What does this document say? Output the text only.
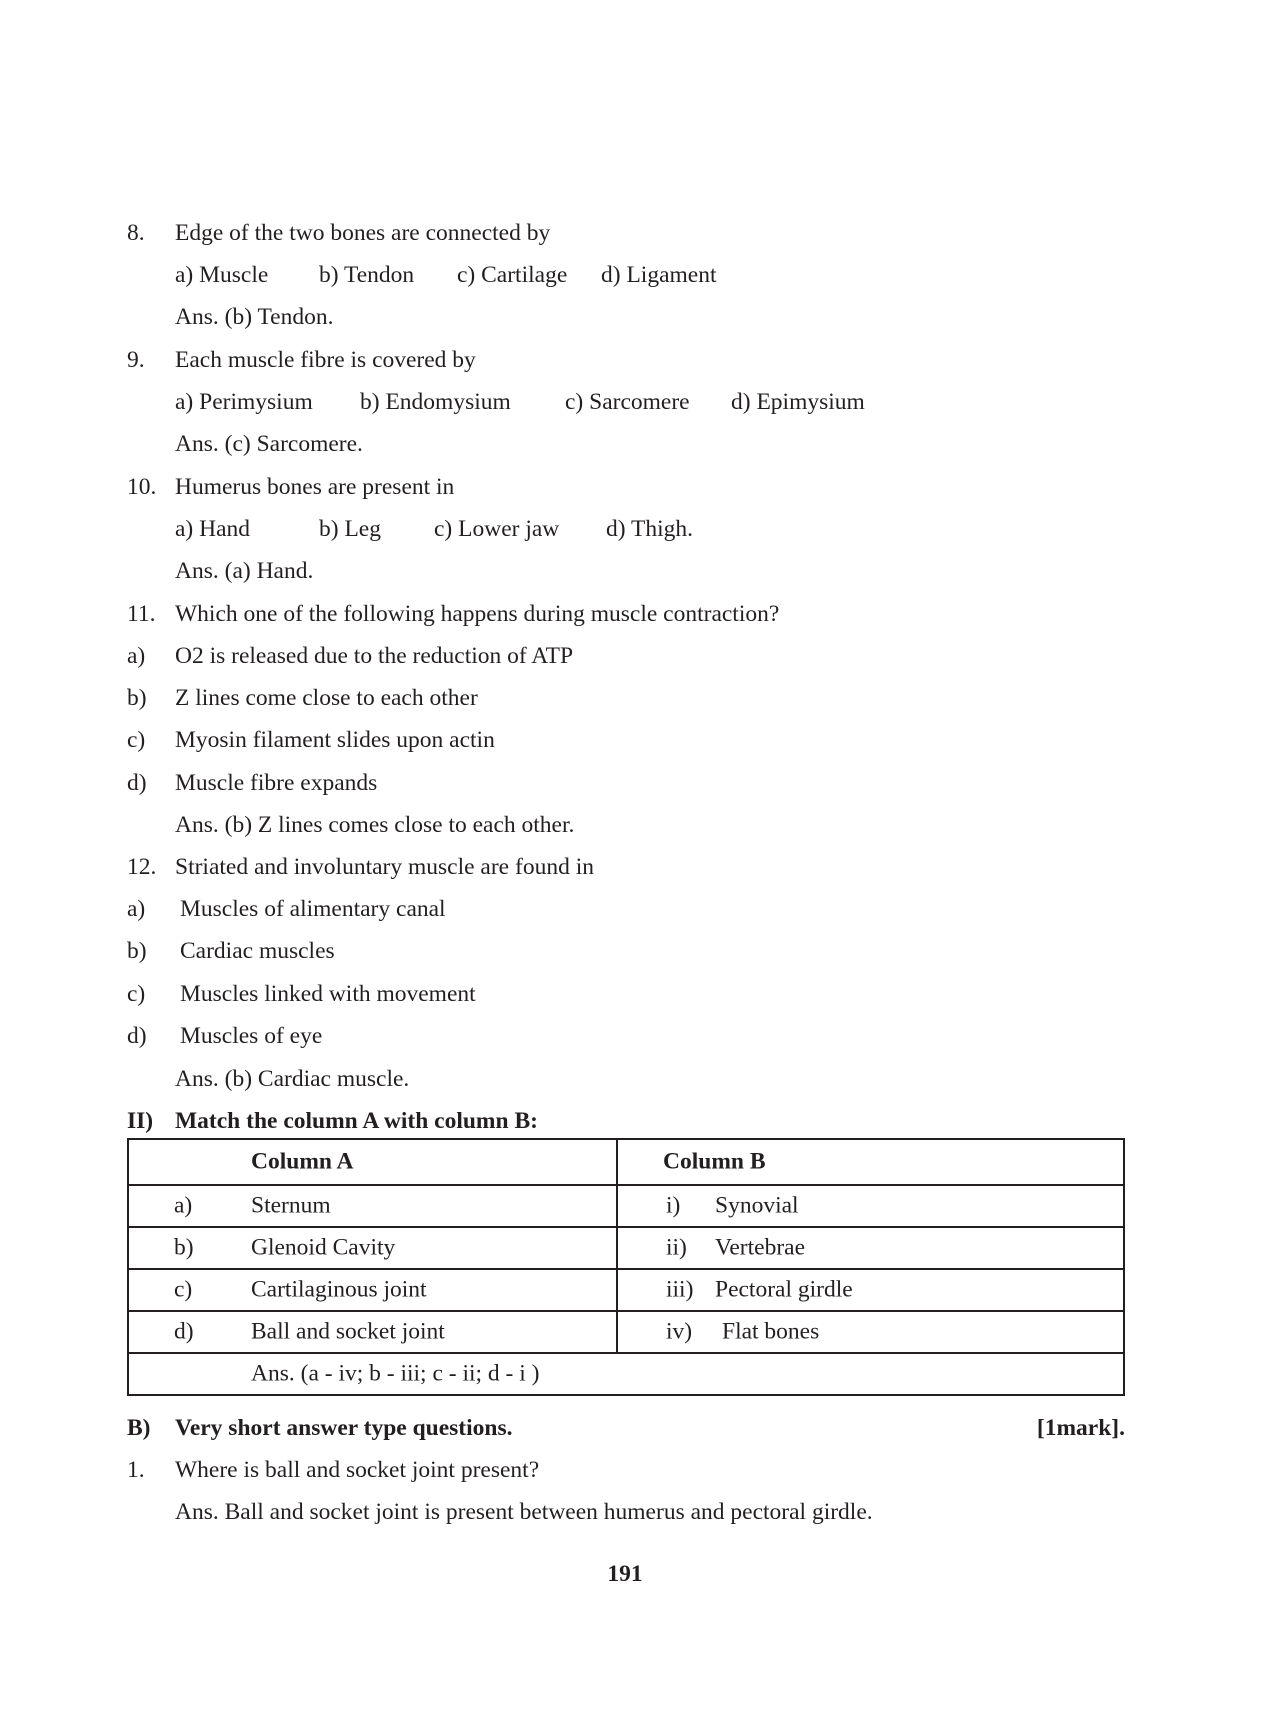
8. Edge of the two bones are connected by
a) Muscle b) Tendon c) Cartilage d) Ligament
Ans. (b) Tendon.
9. Each muscle fibre is covered by
a) Perimysium b) Endomysium c) Sarcomere d) Epimysium
Ans. (c) Sarcomere.
10. Humerus bones are present in
a) Hand	b) Leg c) Lower jaw d) Thigh.
Ans. (a) Hand.
11. Which one of the following happens during muscle contraction?
a) O2 is released due to the reduction of ATP
b) Z lines come close to each other
c) Myosin filament slides upon actin
d) Muscle fibre expands
Ans. (b) Z lines comes close to each other.
12. Striated and involuntary muscle are found in
a) Muscles of alimentary canal
b) Cardiac muscles
c) Muscles linked with movement
d) Muscles of eye
Ans. (b) Cardiac muscle.
II) Match the column A with column B:
Column A	Column B

a) Sternum	i) Synovial

b) Glenoid Cavity	ii) Vertebrae

c) Cartilaginous joint	iii) Pectoral girdle

d) Ball and socket joint	iv) Flat bones

Ans. (a - iv; b - iii; c - ii; d - i )	
B) Very short answer type questions.	[1mark].
1. Where is ball and socket joint present?
Ans. Ball and socket joint is present between humerus and pectoral girdle.
191
